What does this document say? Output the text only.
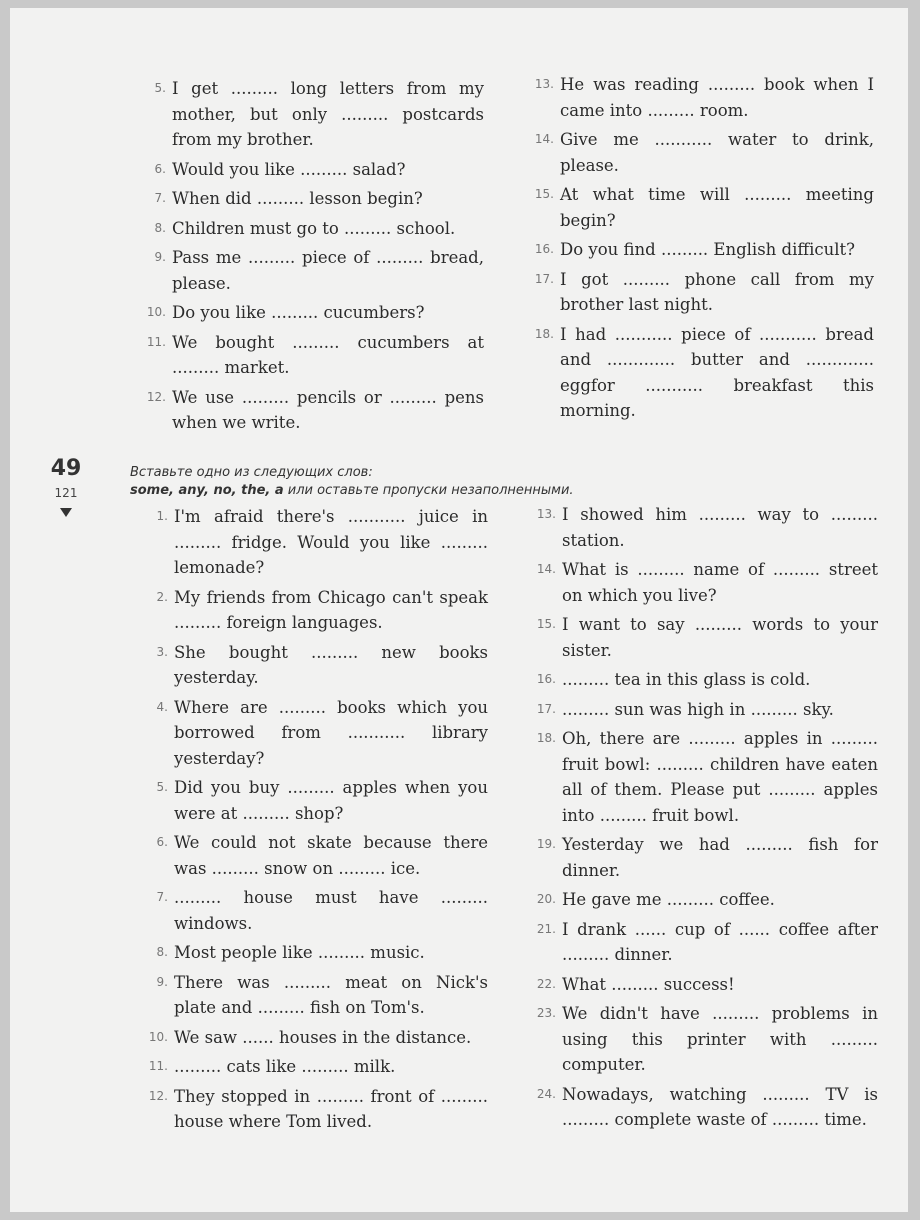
5. I get ......... long letters from my mother, but only ......... postcards from my brother.
6. Would you like ......... salad?
7. When did ......... lesson begin?
8. Children must go to ......... school.
9. Pass me ......... piece of ......... bread, please.
10. Do you like ......... cucumbers?
11. We bought ......... cucumbers at ......... market.
12. We use ......... pencils or ......... pens when we write.
13. He was reading ......... book when I came into ......... room.
14. Give me ........... water to drink, please.
15. At what time will ......... meeting begin?
16. Do you find ......... English difficult?
17. I got ......... phone call from my brother last night.
18. I had ........... piece of ........... bread and ............. butter and ............. eggfor ........... breakfast this morning.
49
121
Вставьте одно из следующих слов:
some, any, no, the, a или оставьте пропуски незаполненными.
1. I'm afraid there's ........... juice in ......... fridge. Would you like ......... lemonade?
2. My friends from Chicago can't speak ......... foreign languages.
3. She bought ......... new books yesterday.
4. Where are ......... books which you borrowed from ........... library yesterday?
5. Did you buy ......... apples when you were at ......... shop?
6. We could not skate because there was ......... snow on ......... ice.
7. ......... house must have ......... windows.
8. Most people like ......... music.
9. There was ......... meat on Nick's plate and ......... fish on Tom's.
10. We saw ...... houses in the distance.
11. ......... cats like ......... milk.
12. They stopped in ......... front of ......... house where Tom lived.
13. I showed him ......... way to ......... station.
14. What is ......... name of ......... street on which you live?
15. I want to say ......... words to your sister.
16. ......... tea in this glass is cold.
17. ......... sun was high in ......... sky.
18. Oh, there are ......... apples in ......... fruit bowl: ......... children have eaten all of them. Please put ......... apples into ......... fruit bowl.
19. Yesterday we had ......... fish for dinner.
20. He gave me ......... coffee.
21. I drank ...... cup of ...... coffee after ......... dinner.
22. What ......... success!
23. We didn't have ......... problems in using this printer with ......... computer.
24. Nowadays, watching ......... TV is ......... complete waste of ......... time.
